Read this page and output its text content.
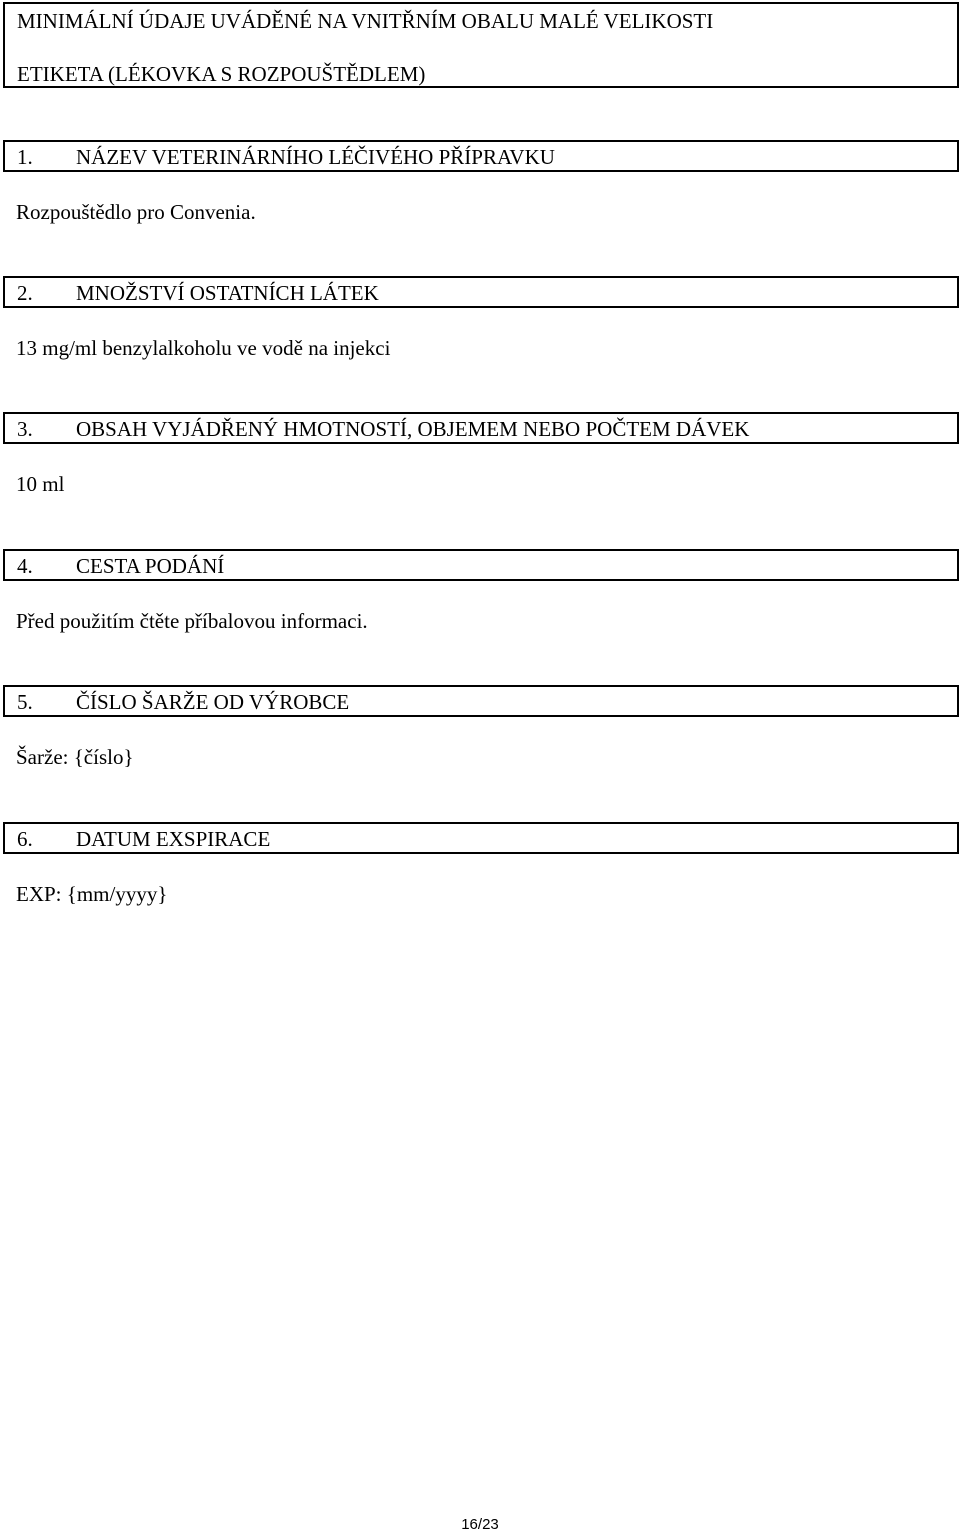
MINIMÁLNÍ ÚDAJE UVÁDĚNÉ NA VNITŘNÍM OBALU MALÉ VELIKOSTI
ETIKETA (LÉKOVKA S ROZPOUŠTĚDLEM)
1. NÁZEV VETERINÁRNÍHO LÉČIVÉHO PŘÍPRAVKU
Rozpouštědlo pro Convenia.
2. MNOŽSTVÍ OSTATNÍCH LÁTEK
13 mg/ml benzylalkoholu ve vodě na injekci
3. OBSAH VYJÁDŘENÝ HMOTNOSTÍ, OBJEMEM NEBO POČTEM DÁVEK
10 ml
4. CESTA PODÁNÍ
Před použitím čtěte příbalovou informaci.
5. ČÍSLO ŠARŽE OD VÝROBCE
Šarže: {číslo}
6. DATUM EXSPIRACE
EXP: {mm/yyyy}
16/23
